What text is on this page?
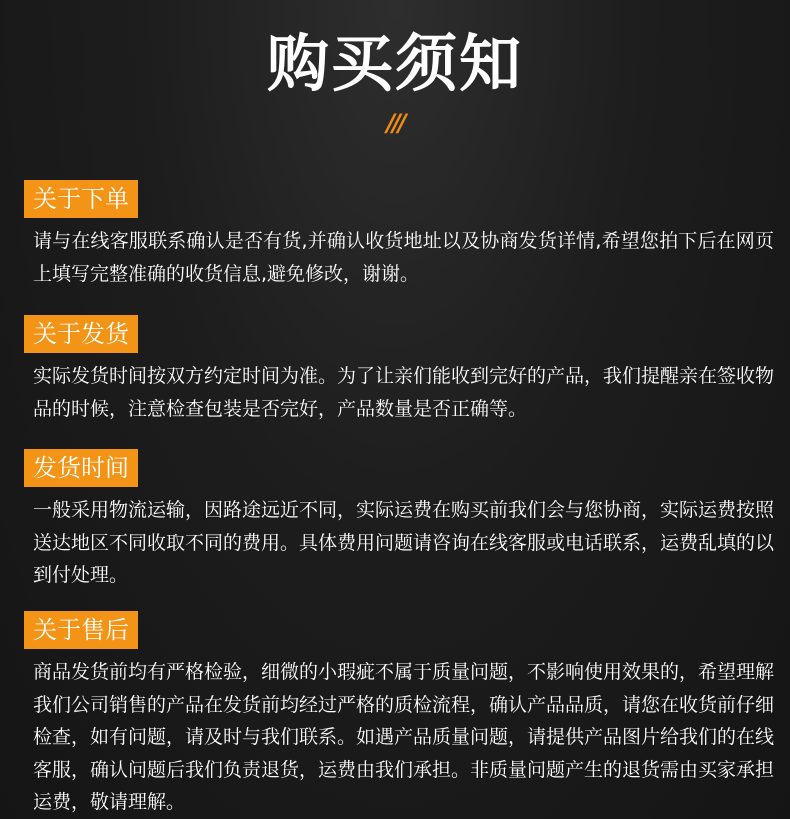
购买须知
///
关于下单
请与在线客服联系确认是否有货,并确认收货地址以及协商发货详情,希望您拍下后在网页上填写完整准确的收货信息,避免修改，谢谢。
关于发货
实际发货时间按双方约定时间为准。为了让亲们能收到完好的产品，我们提醒亲在签收物品的时候，注意检查包装是否完好，产品数量是否正确等。
发货时间
一般采用物流运输，因路途远近不同，实际运费在购买前我们会与您协商，实际运费按照送达地区不同收取不同的费用。具体费用问题请咨询在线客服或电话联系，运费乱填的以到付处理。
关于售后
商品发货前均有严格检验，细微的小瑕疵不属于质量问题，不影响使用效果的，希望理解我们公司销售的产品在发货前均经过严格的质检流程，确认产品品质，请您在收货前仔细检查，如有问题，请及时与我们联系。如遇产品质量问题，请提供产品图片给我们的在线客服，确认问题后我们负责退货，运费由我们承担。非质量问题产生的退货需由买家承担运费，敬请理解。
